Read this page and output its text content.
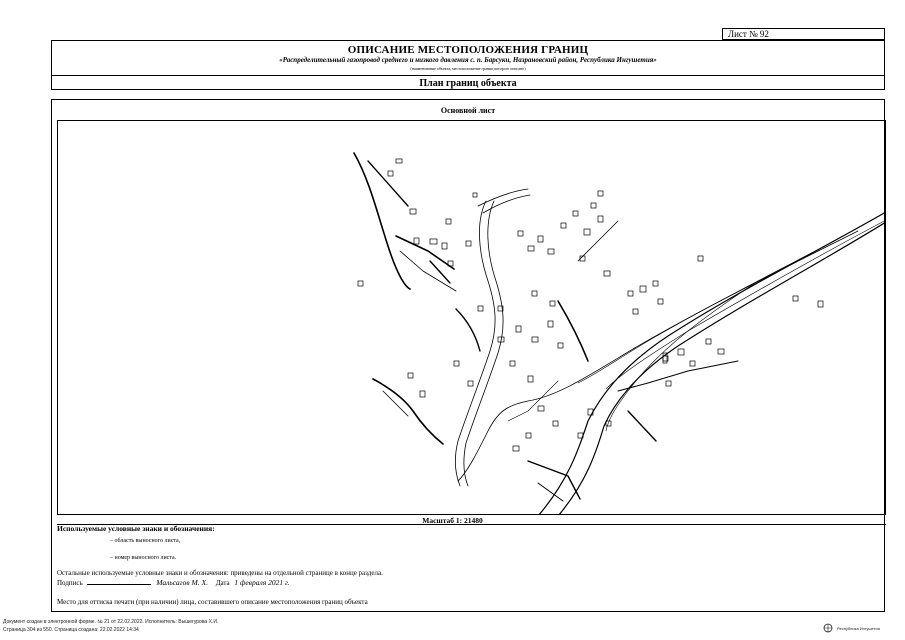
Лист № 92
ОПИСАНИЕ МЕСТОПОЛОЖЕНИЯ ГРАНИЦ
«Распределительный газопровод среднего и низкого давления с. п. Барсуки, Назрановский район, Республика Ингушетия»
(наименование объекта, местоположение границ которого описано)
План границ объекта
Основной лист
Масштаб 1: 21480
Используемые условные знаки и обозначения:
– область выносного листа,
– номер выносного листа.
Остальные используемые условные знаки и обозначения: приведены на отдельной странице в конце раздела.
Подпись	Мальсагов М. Х. Дата 1 февраля 2021 г.
Место для оттиска печати (при наличии) лица, составившего описание местоположения границ объекта
Документ создан в электронной форме. № 21 от 22.02.2022. Исполнитель: Вышегурова Х.И.
Страница 304 из 550. Страница создана: 22.02.2022 14:34	Республика Ингушетия
